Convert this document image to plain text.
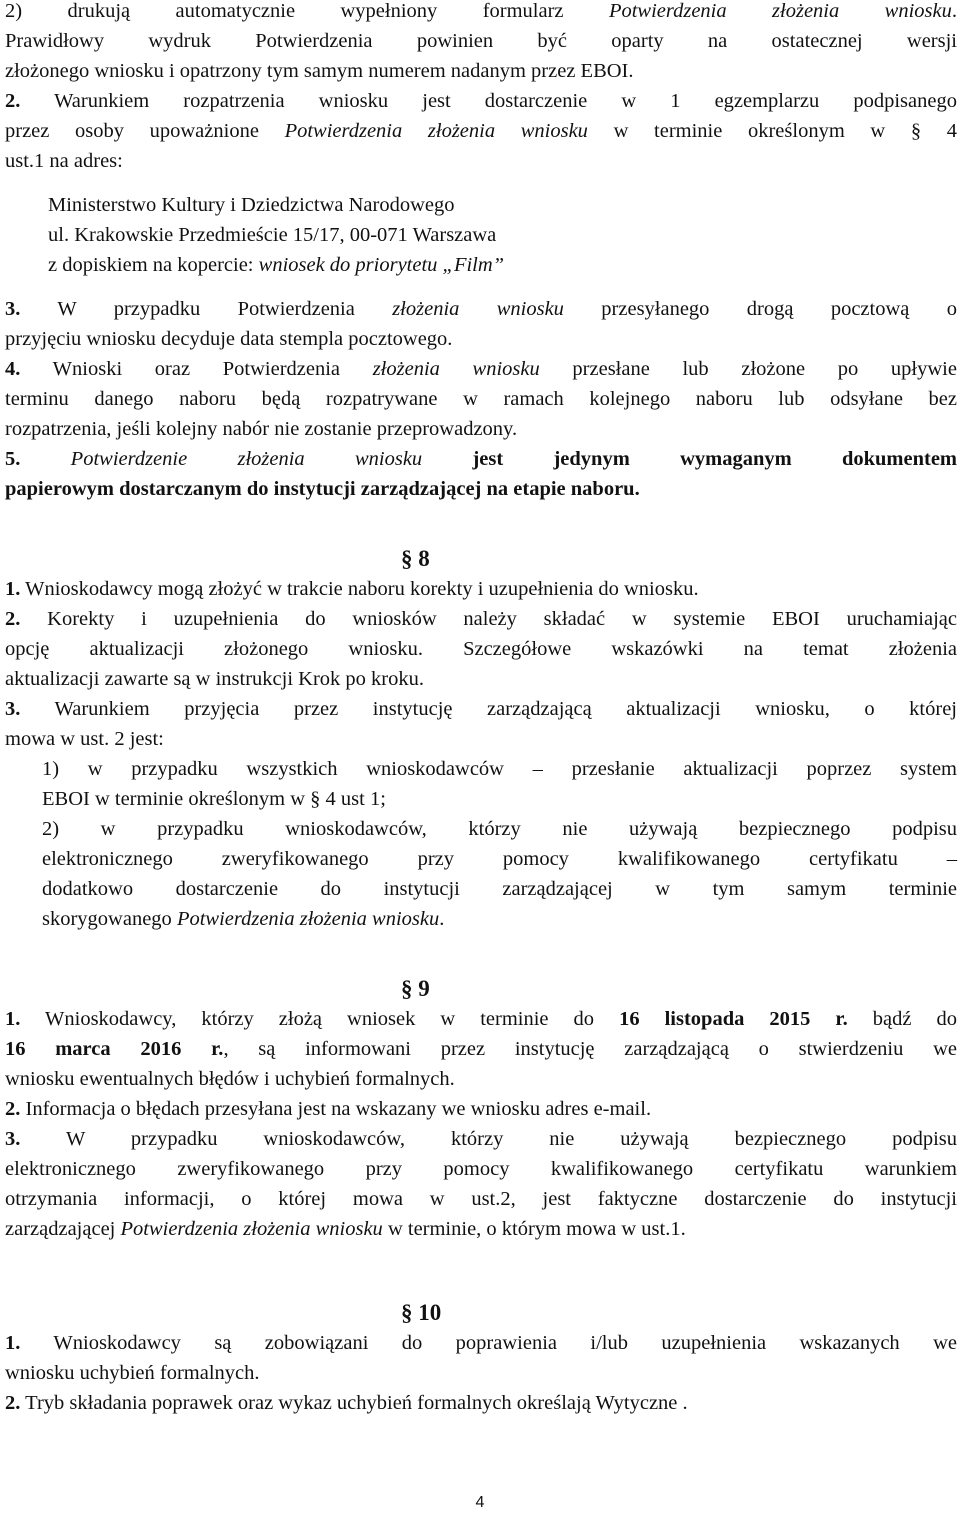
2) drukują automatycznie wypełniony formularz Potwierdzenia złożenia wniosku.

Prawidłowy wydruk Potwierdzenia powinien być oparty na ostatecznej wersji

złożonego wniosku i opatrzony tym samym numerem nadanym przez EBOI.

2. Warunkiem rozpatrzenia wniosku jest dostarczenie w 1 egzemplarzu podpisanego

przez osoby upoważnione Potwierdzenia złożenia wniosku w terminie określonym w § 4

ust.1 na adres:

Ministerstwo Kultury i Dziedzictwa Narodowego

ul. Krakowskie Przedmieście 15/17, 00-071 Warszawa

z dopiskiem na kopercie: wniosek do priorytetu „Film”

3. W przypadku Potwierdzenia złożenia wniosku przesyłanego drogą pocztową o

przyjęciu wniosku decyduje data stempla pocztowego.

4. Wnioski oraz Potwierdzenia złożenia wniosku przesłane lub złożone po upływie

terminu danego naboru będą rozpatrywane w ramach kolejnego naboru lub odsyłane bez

rozpatrzenia, jeśli kolejny nabór nie zostanie przeprowadzony.

5. Potwierdzenie złożenia wniosku jest jedynym wymaganym dokumentem

papierowym dostarczanym do instytucji zarządzającej na etapie naboru.

§ 8

1. Wnioskodawcy mogą złożyć w trakcie naboru korekty i uzupełnienia do wniosku.

2. Korekty i uzupełnienia do wniosków należy składać w systemie EBOI uruchamiając

opcję aktualizacji złożonego wniosku. Szczegółowe wskazówki na temat złożenia

aktualizacji zawarte są w instrukcji Krok po kroku.

3. Warunkiem przyjęcia przez instytucję zarządzającą aktualizacji wniosku, o której

mowa w ust. 2 jest:

1) w przypadku wszystkich wnioskodawców – przesłanie aktualizacji poprzez system

EBOI w terminie określonym w § 4 ust 1;

2) w przypadku wnioskodawców, którzy nie używają bezpiecznego podpisu

elektronicznego zweryfikowanego przy pomocy kwalifikowanego certyfikatu –

dodatkowo dostarczenie do instytucji zarządzającej w tym samym terminie

skorygowanego Potwierdzenia złożenia wniosku.

§ 9

1. Wnioskodawcy, którzy złożą wniosek w terminie do 16 listopada 2015 r. bądź do

16 marca 2016 r., są informowani przez instytucję zarządzającą o stwierdzeniu we

wniosku ewentualnych błędów i uchybień formalnych.

2. Informacja o błędach przesyłana jest na wskazany we wniosku adres e-mail.

3. W przypadku wnioskodawców, którzy nie używają bezpiecznego podpisu

elektronicznego zweryfikowanego przy pomocy kwalifikowanego certyfikatu warunkiem

otrzymania informacji, o której mowa w ust.2, jest faktyczne dostarczenie do instytucji

zarządzającej Potwierdzenia złożenia wniosku w terminie, o którym mowa w ust.1.

§ 10

1. Wnioskodawcy są zobowiązani do poprawienia i/lub uzupełnienia wskazanych we

wniosku uchybień formalnych.

2. Tryb składania poprawek oraz wykaz uchybień formalnych określają Wytyczne .

4
